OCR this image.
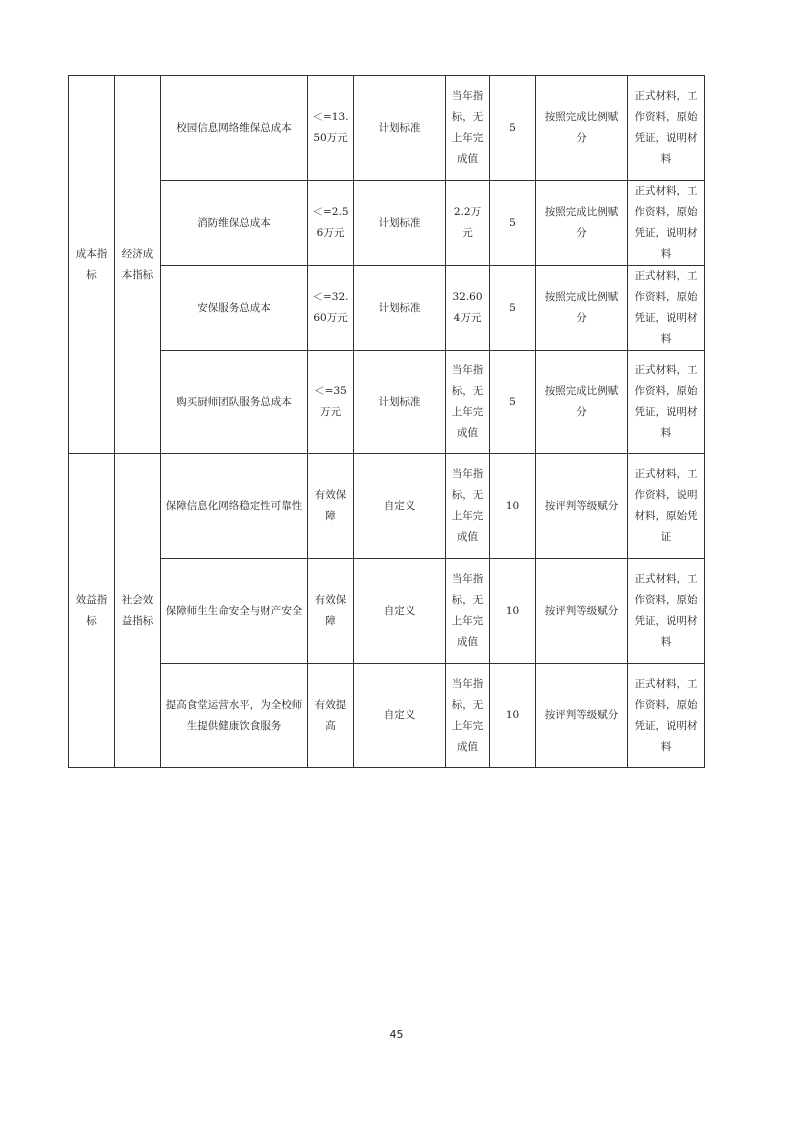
成本指标	经济成本指标	校园信息网络维保总成本	＜=13.50万元	计划标准	当年指标，无上年完成值	5	按照完成比例赋分	正式材料，工作资料，原始凭证，说明材料
		消防维保总成本	＜=2.56万元	计划标准	2.2万元	5	按照完成比例赋分	正式材料，工作资料，原始凭证，说明材料
		安保服务总成本	＜=32.60万元	计划标准	32.604万元	5	按照完成比例赋分	正式材料，工作资料，原始凭证，说明材料
		购买厨师团队服务总成本	＜=35万元	计划标准	当年指标，无上年完成值	5	按照完成比例赋分	正式材料，工作资料，原始凭证，说明材料
效益指标	社会效益指标	保障信息化网络稳定性可靠性	有效保障	自定义	当年指标，无上年完成值	10	按评判等级赋分	正式材料，工作资料，说明材料，原始凭证
		保障师生生命安全与财产安全	有效保障	自定义	当年指标，无上年完成值	10	按评判等级赋分	正式材料，工作资料，原始凭证，说明材料
		提高食堂运营水平，为全校师生提供健康饮食服务	有效提高	自定义	当年指标，无上年完成值	10	按评判等级赋分	正式材料，工作资料，原始凭证，说明材料
45
